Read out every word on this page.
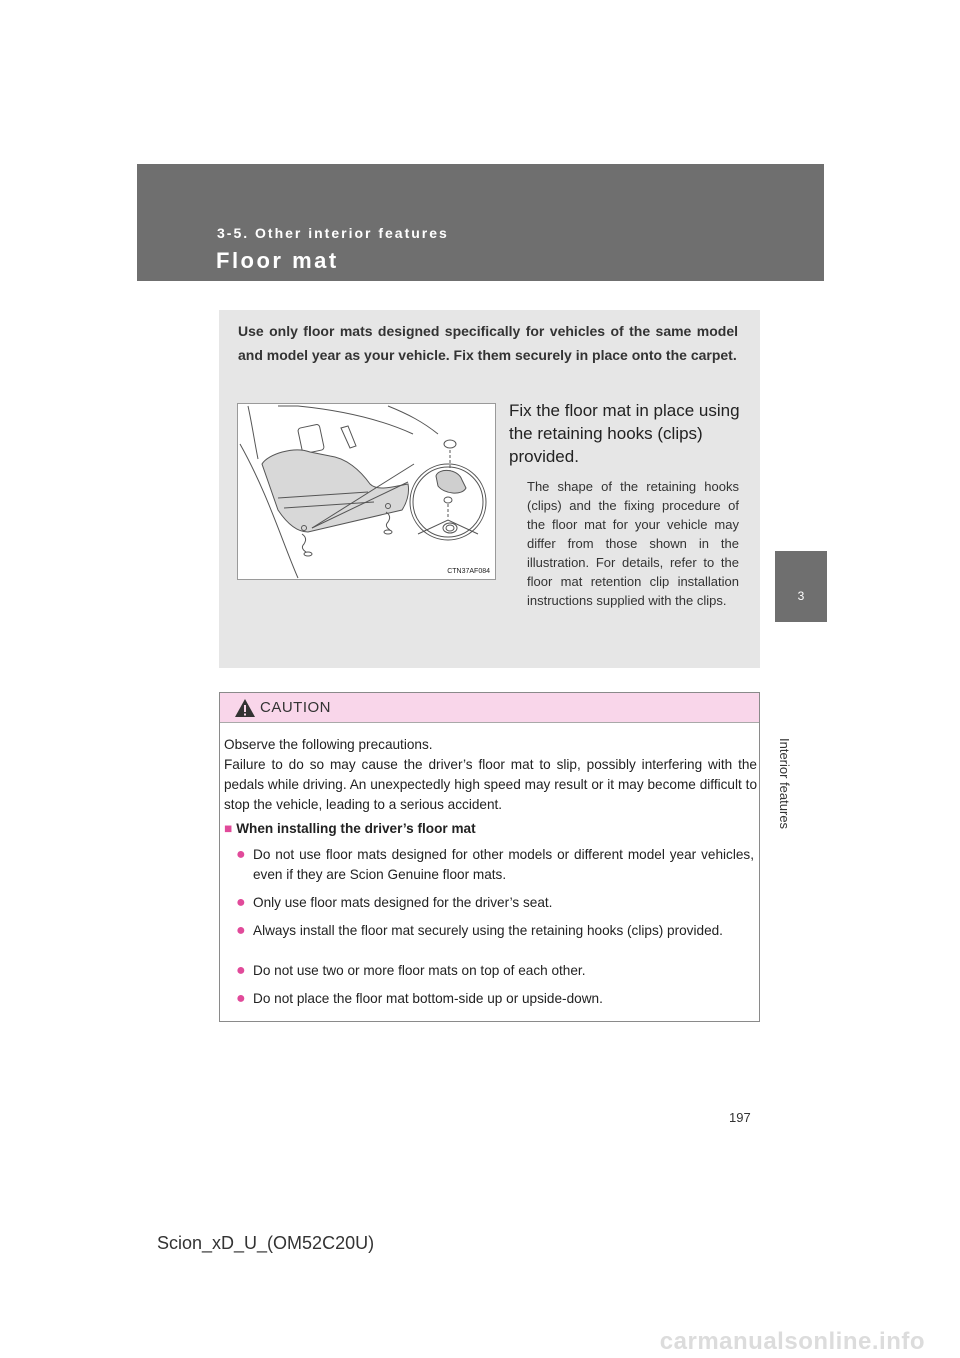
3-5. Other interior features
Floor mat
3
Interior features
Use only floor mats designed specifically for vehicles of the same model and model year as your vehicle. Fix them securely in place onto the carpet.
CTN37AF084
Fix the floor mat in place using the retaining hooks (clips) provided.
The shape of the retaining hooks (clips) and the fixing procedure of the floor mat for your vehicle may differ from those shown in the illustration. For details, refer to the floor mat retention clip installation instructions supplied with the clips.
CAUTION
Observe the following precautions.
Failure to do so may cause the driver’s floor mat to slip, possibly interfering with the pedals while driving. An unexpectedly high speed may result or it may become difficult to stop the vehicle, leading to a serious accident.
■ When installing the driver’s floor mat
● Do not use floor mats designed for other models or different model year vehicles, even if they are Scion Genuine floor mats.
● Only use floor mats designed for the driver’s seat.
● Always install the floor mat securely using the retaining hooks (clips) provided.
● Do not use two or more floor mats on top of each other.
● Do not place the floor mat bottom-side up or upside-down.
197
Scion_xD_U_(OM52C20U)
carmanualsonline.info
